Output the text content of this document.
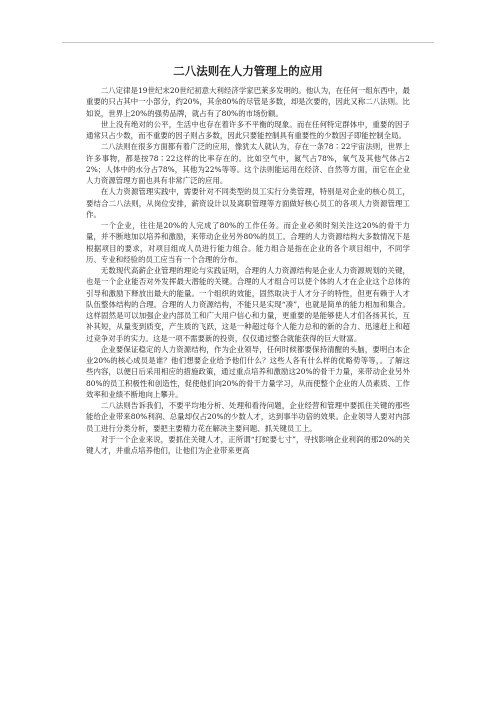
二八法则在人力管理上的应用

二八定律是19世纪末20世纪初意大利经济学家巴莱多发明的。他认为，在任何一组东西中，最重要的只占其中一小部分，约20%，其余80%的尽管是多数，却是次要的，因此又称二八法则。比如说，世界上20%的强势品牌，就占有了80%的市场份额。

世上没有绝对的公平，生活中也存在着许多不平衡的现象。而在任何特定群体中，重要的因子通常只占少数，而不重要的因子则占多数，因此只要能控制具有重要性的少数因子即能控制全局。

二八法则在很多方面都有着广泛的应用，像犹太人就认为，存在一条78∶22宇宙法则，世界上许多事物，都是按78∶22这样的比率存在的。比如空气中，氮气占78%，氧气及其他气体占22%；人体中的水分占78%，其他为22%等等。这个法则能运用在经济、自然等方面，而它在企业人力资源管理方面也具有非常广泛的应用。

在人力资源管理实践中，需要针对不同类型的员工实行分类管理，特别是对企业的核心员工，要结合二八法则，从岗位安排，薪资设计以及离职管理等方面做好核心员工的各项人力资源管理工作。

一个企业，往往是20%的人完成了80%的工作任务。而企业必须时刻关注这20%的骨干力量，并不断地加以培养和激励，来带动企业另外80%的员工。合理的人力资源结构大多数情况下是根据项目的要求，对项目组成人员进行能力组合。能力组合是指在企业的各个项目组中，不同学历、专业和经验的员工应当有一个合理的分布。

无数现代高薪企业管理的理论与实践证明，合理的人力资源结构是企业人力资源规划的关键，也是一个企业能否对外发挥最大潜能的关键。合理的人才组合可以使个体的人才在企业这个总体的引导和激励下释放出最大的能量。一个组织的效能，固然取决于人才分子的特性，但更有赖于人才队伍整体结构的合理。合理的人力资源结构，不能只是实现“凑”，也就是简单的能力相加和集合。这样固然是可以加强企业内部员工和广大用户信心和力量，更重要的是能够使人才们各扬其长，互补其短，从量变到质变，产生质的飞跃，这是一种超过每个人能力总和的新的合力、迅速赶上和超过竞争对手的实力。这是一项不需要新的投资，仅仅通过整合就能获得的巨大财富。

企业要保证稳定的人力资源结构，作为企业领导，任何时候都要保持清醒的头脑，要明白本企业20%的核心成员是谁？他们想要企业给予他们什么？这些人各有什么样的优略势等等，。了解这些内容，以便日后采用相应的措施政策，通过重点培养和激励这20%的骨干力量，来带动企业另外80%的员工积极性和创造性，促使他们向20%的骨干力量学习，从而使整个企业的人员素质、工作效率和业绩不断地向上攀升。

二八法则告诉我们，不要平均地分析、处理和看待问题，企业经营和管理中要抓住关键的那些能给企业带来80%利润、总量却仅占20%的少数人才，达到事半功倍的效果。企业领导人要对内部员工进行分类分析，要把主要精力花在解决主要问题、抓关键员工上。

对于一个企业来说，要抓住关键人才，正所谓“打蛇要七寸”，寻找影响企业利润的那20%的关键人才，并重点培养他们，让他们为企业带来更高
